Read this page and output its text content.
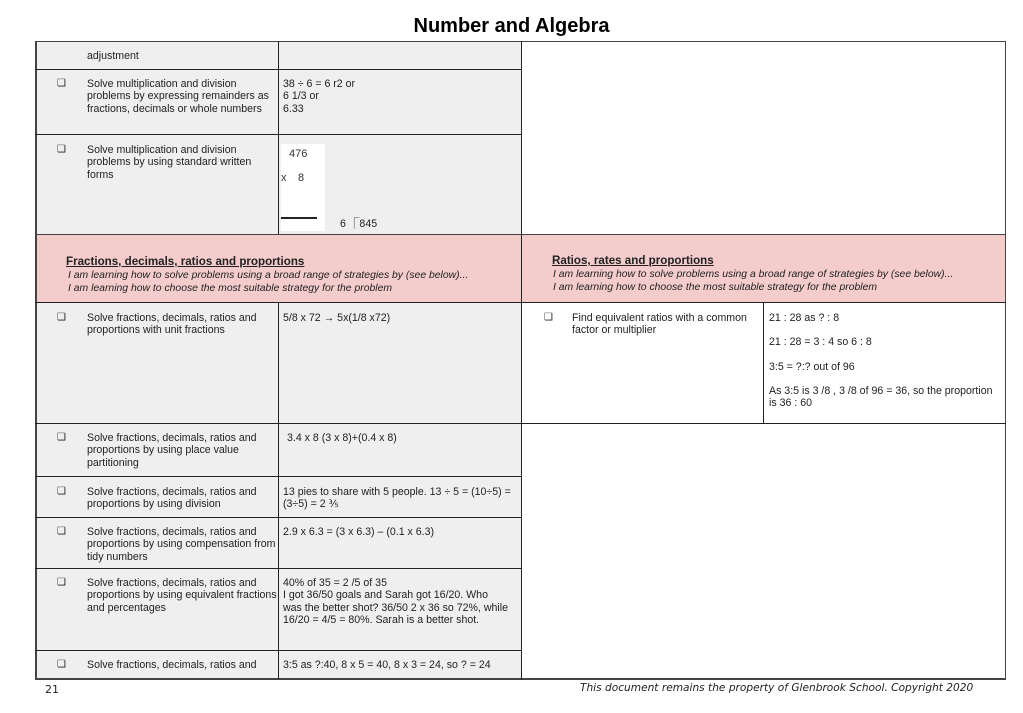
Number and Algebra
adjustment
❏ Solve multiplication and division problems by expressing remainders as fractions, decimals or whole numbers
38 ÷ 6 = 6 r2 or
6 1/3 or
6.33
❏ Solve multiplication and division problems by using standard written forms
476
x 8
6 ⎾845
Fractions, decimals, ratios and proportions
I am learning how to solve problems using a broad range of strategies by (see below)...
I am learning how to choose the most suitable strategy for the problem
Ratios, rates and proportions
I am learning how to solve problems using a broad range of strategies by (see below)...
I am learning how to choose the most suitable strategy for the problem
❏ Solve fractions, decimals, ratios and proportions with unit fractions
5/8 x 72 → 5x(1/8 x72)
❏ Solve fractions, decimals, ratios and proportions by using place value partitioning
3.4 x 8 (3 x 8)+(0.4 x 8)
❏ Solve fractions, decimals, ratios and proportions by using division
13 pies to share with 5 people. 13 ÷ 5 = (10÷5) = (3÷5) = 2 ⅗
❏ Solve fractions, decimals, ratios and proportions by using compensation from tidy numbers
2.9 x 6.3 = (3 x 6.3) – (0.1 x 6.3)
❏ Solve fractions, decimals, ratios and proportions by using equivalent fractions and percentages
40% of 35 = 2 /5 of 35
I got 36/50 goals and Sarah got 16/20. Who was the better shot? 36/50 2 x 36 so 72%, while 16/20 = 4/5 = 80%. Sarah is a better shot.
❏ Solve fractions, decimals, ratios and	3:5 as ?:40, 8 x 5 = 40, 8 x 3 = 24, so ? = 24
❏ Find equivalent ratios with a common factor or multiplier
21 : 28 as ? : 8
21 : 28 = 3 : 4 so 6 : 8
3:5 = ?:? out of 96
As 3:5 is 3 /8 , 3 /8 of 96 = 36, so the proportion is 36 : 60
21	This document remains the property of Glenbrook School. Copyright 2020
